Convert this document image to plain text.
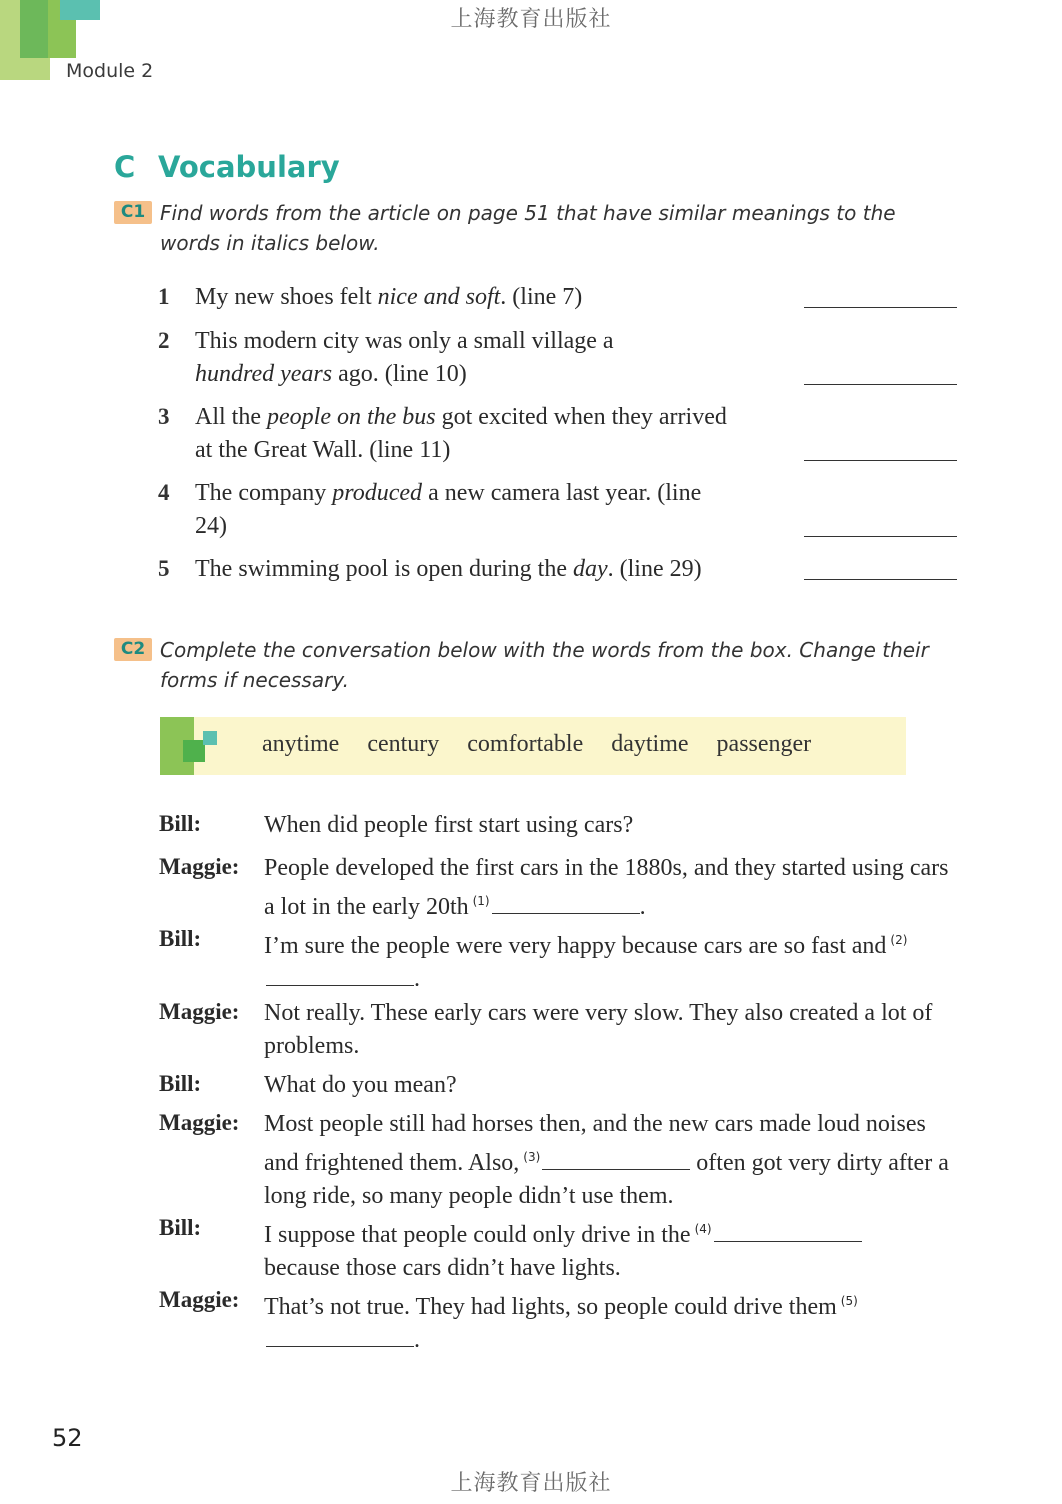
上海教育出版社
Module 2
C Vocabulary
C1 Find words from the article on page 51 that have similar meanings to the words in italics below.
1 My new shoes felt nice and soft. (line 7)
2 This modern city was only a small village a hundred years ago. (line 10)
3 All the people on the bus got excited when they arrived at the Great Wall. (line 11)
4 The company produced a new camera last year. (line 24)
5 The swimming pool is open during the day. (line 29)
C2 Complete the conversation below with the words from the box. Change their forms if necessary.
anytime century comfortable daytime passenger
Bill:	When did people first start using cars?
Maggie: People developed the first cars in the 1880s, and they started using cars a lot in the early 20th $^{(1)}$	.
Bill:	I’m sure the people were very happy because cars are so fast and $^{(2)}$.
Maggie: Not really. These early cars were very slow. They also created a lot of problems.
Bill:	What do you mean?
Maggie: Most people still had horses then, and the new cars made loud noises and frightened them. Also, $^{(3)}$	often got very dirty after a long ride, so many people didn’t use them.
Bill:	I suppose that people could only drive in the $^{(4)}$ because those cars didn’t have lights.
Maggie: That’s not true. They had lights, so people could drive them $^{(5)}$.
52
上海教育出版社
